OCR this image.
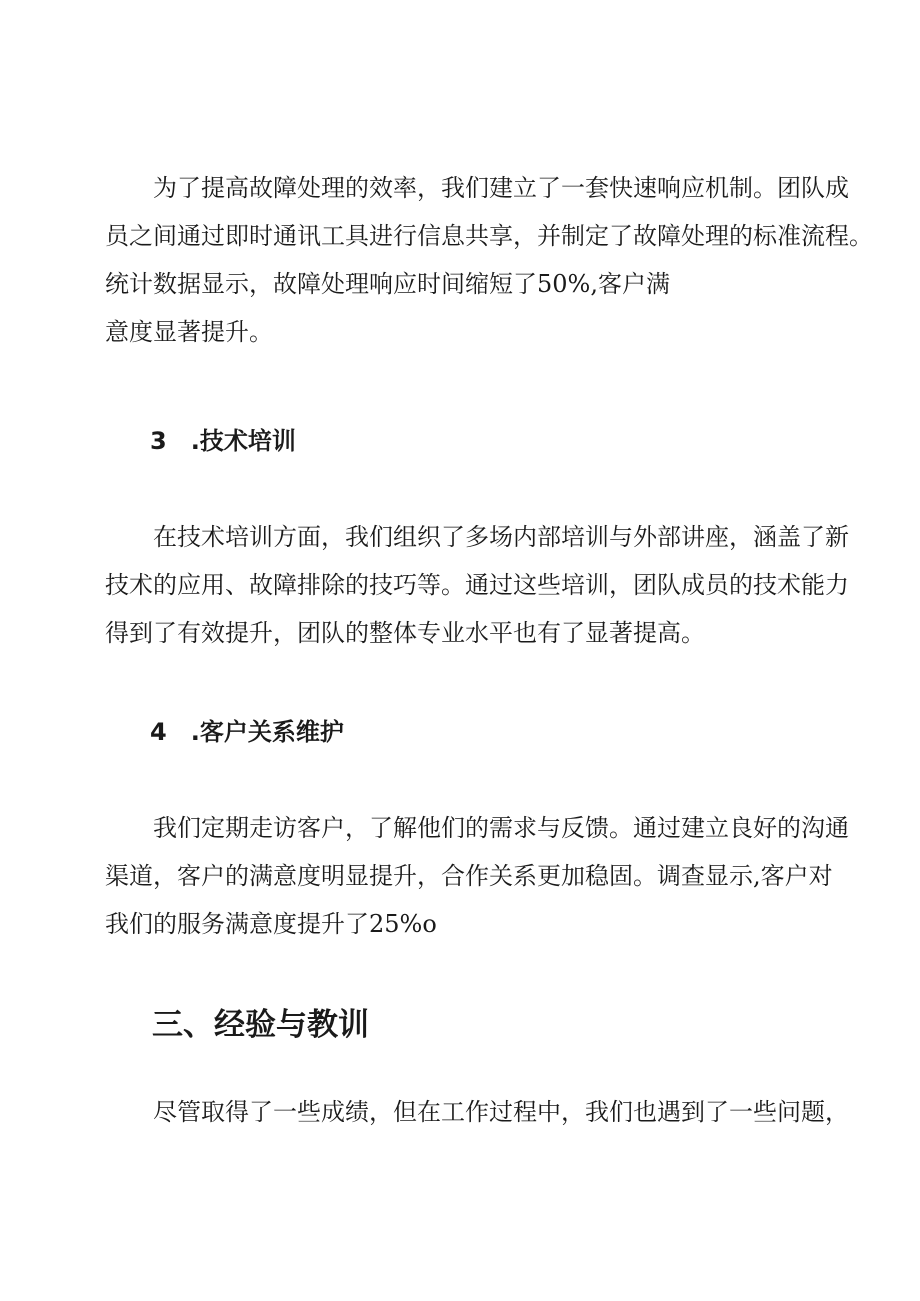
为了提高故障处理的效率，我们建立了一套快速响应机制。团队成

员之间通过即时通讯工具进行信息共享，并制定了故障处理的标准流程。

统计数据显示，故障处理响应时间缩短了50%,客户满

意度显著提升。

3　.技术培训

在技术培训方面，我们组织了多场内部培训与外部讲座，涵盖了新

技术的应用、故障排除的技巧等。通过这些培训，团队成员的技术能力

得到了有效提升，团队的整体专业水平也有了显著提高。

4　.客户关系维护

我们定期走访客户，了解他们的需求与反馈。通过建立良好的沟通

渠道，客户的满意度明显提升，合作关系更加稳固。调查显示,客户对

我们的服务满意度提升了25%o

三、经验与教训

尽管取得了一些成绩，但在工作过程中，我们也遇到了一些问题，
